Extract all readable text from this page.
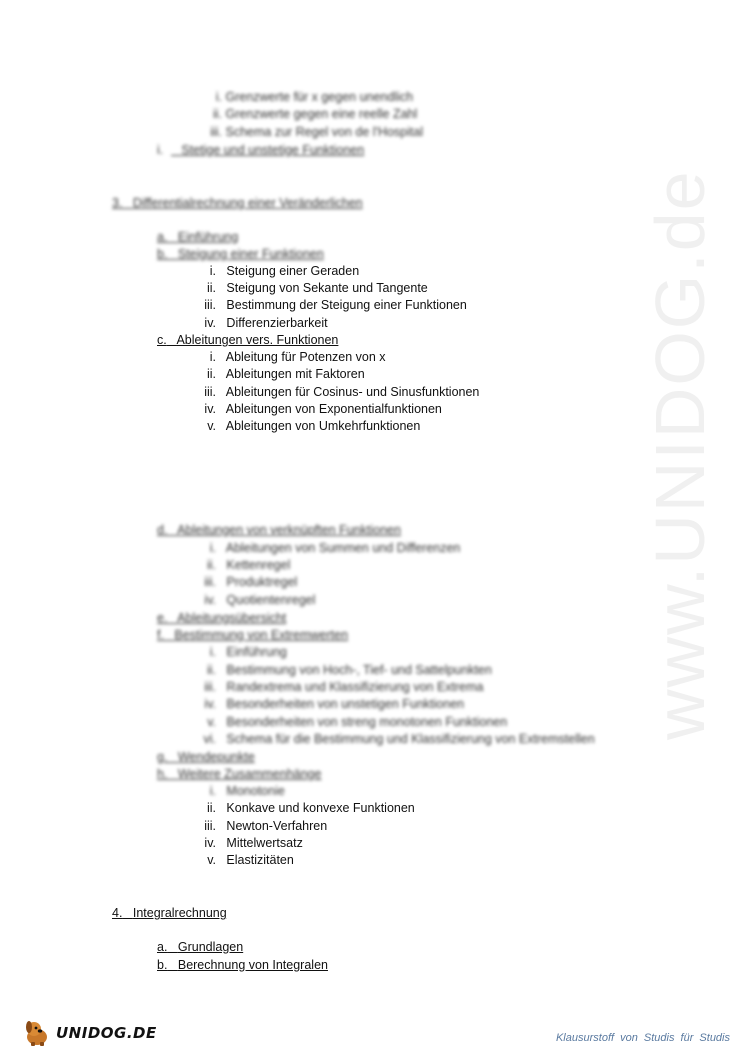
www.UNIDOG.de
i. Grenzwerte für x gegen unendlich
ii. Grenzwerte gegen eine reelle Zahl
iii. Schema zur Regel von de l'Hospital
i. Stetige und unstetige Funktionen
3. Differentialrechnung einer Veränderlichen
a. Einführung
b. Steigung einer Funktionen
i. Steigung einer Geraden
ii. Steigung von Sekante und Tangente
iii. Bestimmung der Steigung einer Funktionen
iv. Differenzierbarkeit
c. Ableitungen vers. Funktionen
i. Ableitung für Potenzen von x
ii. Ableitungen mit Faktoren
iii. Ableitungen für Cosinus- und Sinusfunktionen
iv. Ableitungen von Exponentialfunktionen
v. Ableitungen von Umkehrfunktionen
d. Ableitungen von verknüpften Funktionen
i. Ableitungen von Summen und Differenzen
ii. Kettenregel
iii. Produktregel
iv. Quotientenregel
e. Ableitungsübersicht
f. Bestimmung von Extremwerten
i. Einführung
ii. Bestimmung von Hoch-, Tief- und Sattelpunkten
iii. Randextrema und Klassifizierung von Extrema
iv. Besonderheiten von unstetigen Funktionen
v. Besonderheiten von streng monotonen Funktionen
vi. Schema für die Bestimmung und Klassifizierung von Extremstellen
g. Wendepunkte
h. Weitere Zusammenhänge
i. Monotonie
ii. Konkave und konvexe Funktionen
iii. Newton-Verfahren
iv. Mittelwertsatz
v. Elastizitäten
4. Integralrechnung
a. Grundlagen
b. Berechnung von Integralen
UNIDOG.DE	Klausurstoff von Studis für Studis
